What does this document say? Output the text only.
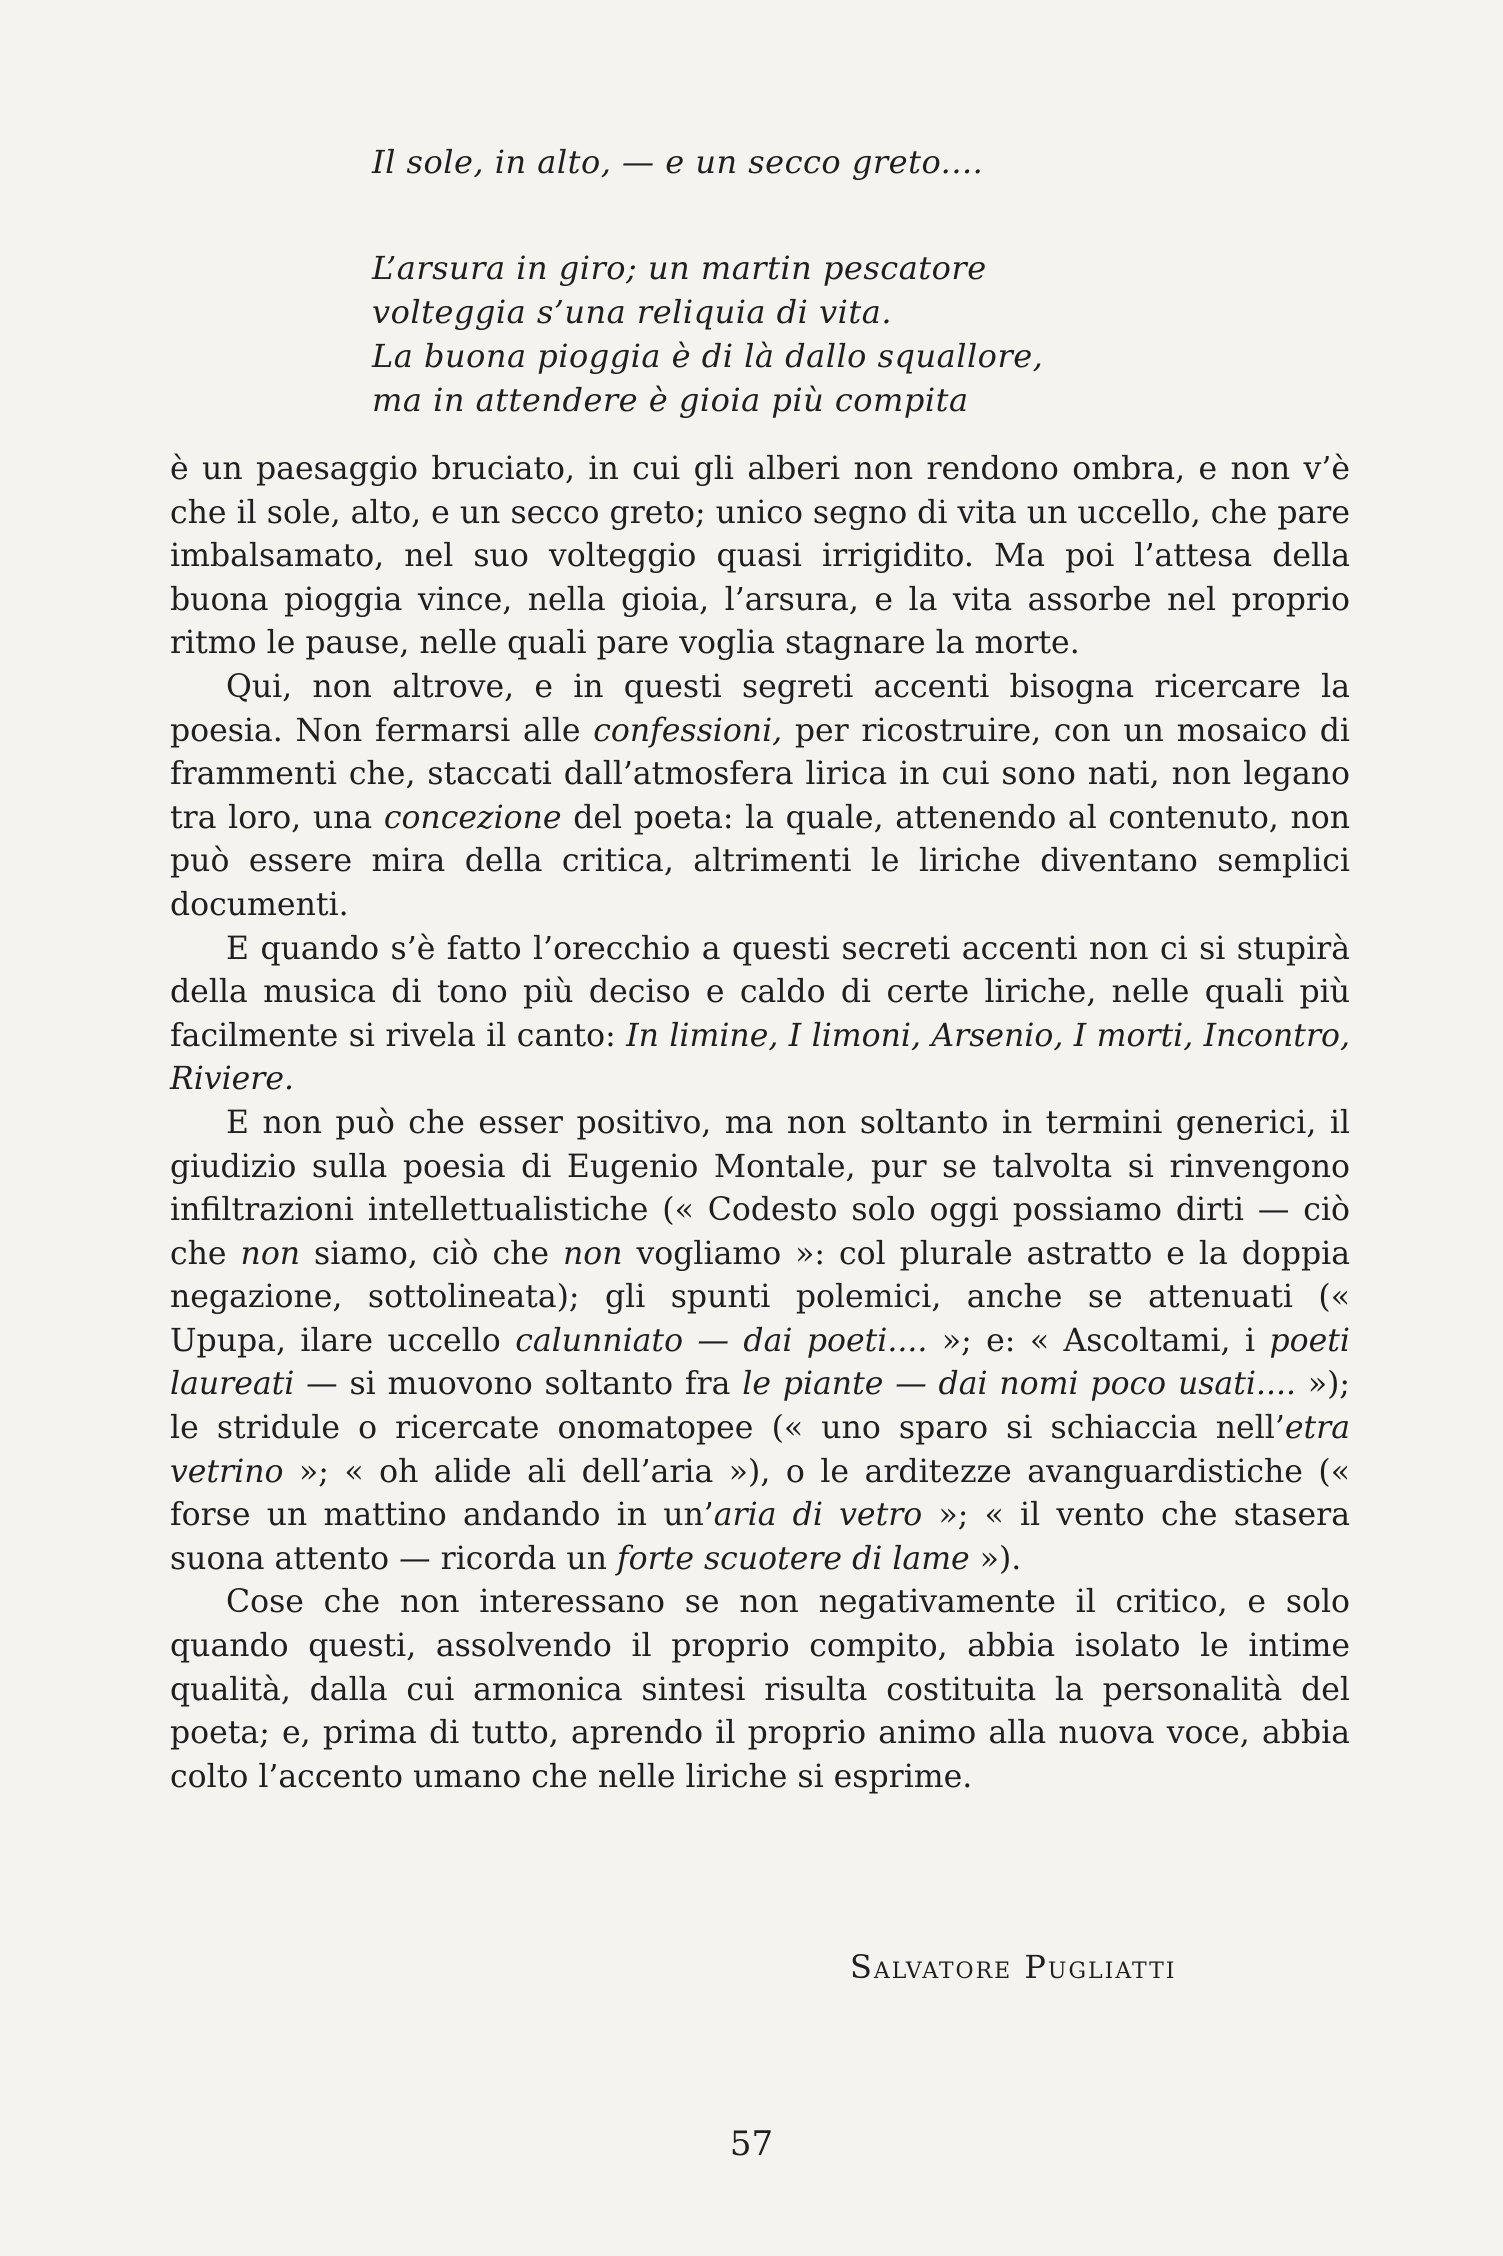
Il sole, in alto, — e un secco greto....
L’arsura in giro; un martin pescatore
volteggia s’una reliquia di vita.
La buona pioggia è di là dallo squallore,
ma in attendere è gioia più compita

è un paesaggio bruciato, in cui gli alberi non rendono ombra, e non v’è che il sole, alto, e un secco greto; unico segno di vita un uccello, che pare imbalsamato, nel suo volteggio quasi irrigidito. Ma poi l’attesa della buona pioggia vince, nella gioia, l’arsura, e la vita assorbe nel proprio ritmo le pause, nelle quali pare voglia stagnare la morte.

Qui, non altrove, e in questi segreti accenti bisogna ricercare la poesia. Non fermarsi alle confessioni, per ricostruire, con un mosaico di frammenti che, staccati dall’atmosfera lirica in cui sono nati, non legano tra loro, una concezione del poeta: la quale, attenendo al contenuto, non può essere mira della critica, altrimenti le liriche diventano semplici documenti.

E quando s’è fatto l’orecchio a questi secreti accenti non ci si stupirà della musica di tono più deciso e caldo di certe liriche, nelle quali più facilmente si rivela il canto: In limine, I limoni, Arsenio, I morti, Incontro, Riviere.

E non può che esser positivo, ma non soltanto in termini generici, il giudizio sulla poesia di Eugenio Montale, pur se talvolta si rinvengono infiltrazioni intellettualistiche (« Codesto solo oggi possiamo dirti — ciò che non siamo, ciò che non vogliamo »: col plurale astratto e la doppia negazione, sottolineata); gli spunti polemici, anche se attenuati (« Upupa, ilare uccello calunniato — dai poeti.... »; e: « Ascoltami, i poeti laureati — si muovono soltanto fra le piante — dai nomi poco usati.... »); le stridule o ricercate onomatopee (« uno sparo si schiaccia nell’etra vetrino »; « oh alide ali dell’aria »), o le arditezze avanguardistiche (« forse un mattino andando in un’aria di vetro »; « il vento che stasera suona attento — ricorda un forte scuotere di lame »).

Cose che non interessano se non negativamente il critico, e solo quando questi, assolvendo il proprio compito, abbia isolato le intime qualità, dalla cui armonica sintesi risulta costituita la personalità del poeta; e, prima di tutto, aprendo il proprio animo alla nuova voce, abbia colto l’accento umano che nelle liriche si esprime.

Salvatore Pugliatti
57
